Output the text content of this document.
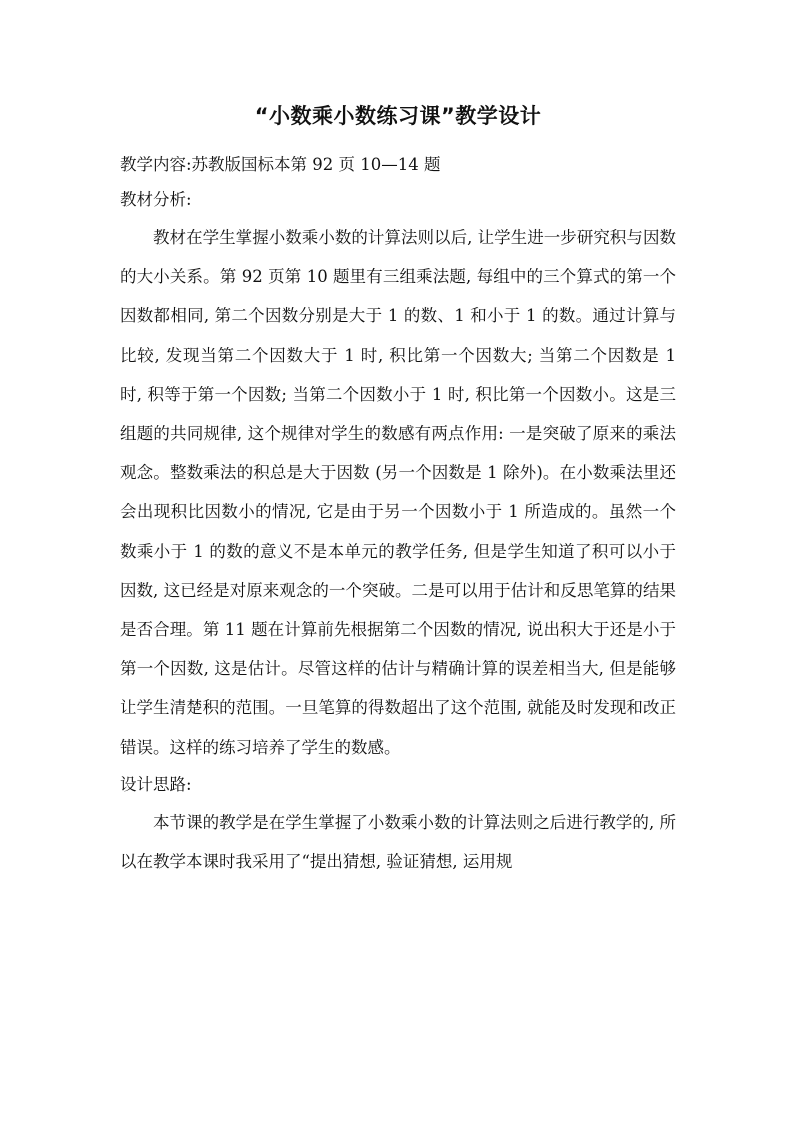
“小数乘小数练习课”教学设计

教学内容:苏教版国标本第 92 页 10—14 题

教材分析:

教材在学生掌握小数乘小数的计算法则以后, 让学生进一步研究积与因数的大小关系。第 92 页第 10 题里有三组乘法题, 每组中的三个算式的第一个因数都相同, 第二个因数分别是大于 1 的数、1 和小于 1 的数。通过计算与比较, 发现当第二个因数大于 1 时, 积比第一个因数大; 当第二个因数是 1 时, 积等于第一个因数; 当第二个因数小于 1 时, 积比第一个因数小。这是三组题的共同规律, 这个规律对学生的数感有两点作用: 一是突破了原来的乘法观念。整数乘法的积总是大于因数 (另一个因数是 1 除外)。在小数乘法里还会出现积比因数小的情况, 它是由于另一个因数小于 1 所造成的。虽然一个数乘小于 1 的数的意义不是本单元的教学任务, 但是学生知道了积可以小于因数, 这已经是对原来观念的一个突破。二是可以用于估计和反思笔算的结果是否合理。第 11 题在计算前先根据第二个因数的情况, 说出积大于还是小于第一个因数, 这是估计。尽管这样的估计与精确计算的误差相当大, 但是能够让学生清楚积的范围。一旦笔算的得数超出了这个范围, 就能及时发现和改正错误。这样的练习培养了学生的数感。

设计思路:

本节课的教学是在学生掌握了小数乘小数的计算法则之后进行教学的, 所以在教学本课时我采用了“提出猜想, 验证猜想, 运用规
